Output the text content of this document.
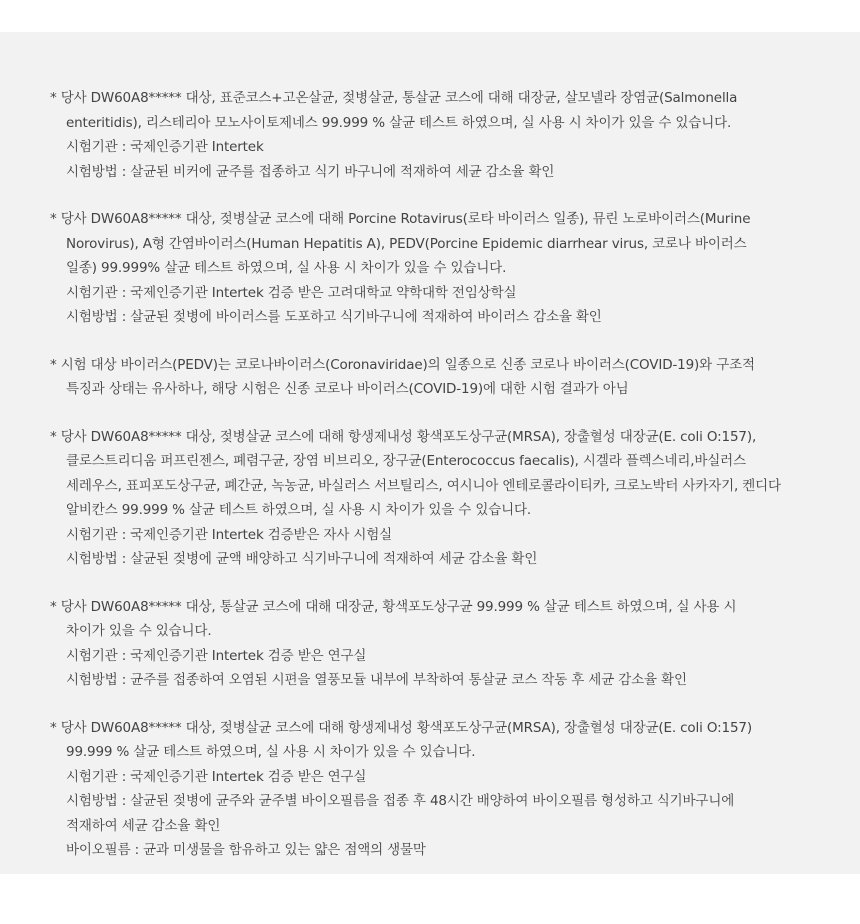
* 당사 DW60A8***** 대상, 표준코스+고온살균, 젖병살균, 통살균 코스에 대해 대장균, 살모넬라 장염균(Salmonella
enteritidis), 리스테리아 모노사이토제네스 99.999 % 살균 테스트 하였으며, 실 사용 시 차이가 있을 수 있습니다.
시험기관 : 국제인증기관 Intertek
시험방법 : 살균된 비커에 균주를 접종하고 식기 바구니에 적재하여 세균 감소율 확인
* 당사 DW60A8***** 대상, 젖병살균 코스에 대해 Porcine Rotavirus(로타 바이러스 일종), 뮤린 노로바이러스(Murine
Norovirus), A형 간염바이러스(Human Hepatitis A), PEDV(Porcine Epidemic diarrhear virus, 코로나 바이러스
일종) 99.999% 살균 테스트 하였으며, 실 사용 시 차이가 있을 수 있습니다.
시험기관 : 국제인증기관 Intertek 검증 받은 고려대학교 약학대학 전임상학실
시험방법 : 살균된 젖병에 바이러스를 도포하고 식기바구니에 적재하여 바이러스 감소율 확인
* 시험 대상 바이러스(PEDV)는 코로나바이러스(Coronaviridae)의 일종으로 신종 코로나 바이러스(COVID-19)와 구조적
특징과 상태는 유사하나, 해당 시험은 신종 코로나 바이러스(COVID-19)에 대한 시험 결과가 아님
* 당사 DW60A8***** 대상, 젖병살균 코스에 대해 항생제내성 황색포도상구균(MRSA), 장출혈성 대장균(E. coli O:157),
클로스트리디움 퍼프린젠스, 폐렴구균, 장염 비브리오, 장구균(Enterococcus faecalis), 시겔라 플렉스네리,바실러스
세레우스, 표피포도상구균, 폐간균, 녹농균, 바실러스 서브틸리스, 여시니아 엔테로콜라이티카, 크로노박터 사카자기, 켄디다
알비칸스 99.999 % 살균 테스트 하였으며, 실 사용 시 차이가 있을 수 있습니다.
시험기관 : 국제인증기관 Intertek 검증받은 자사 시험실
시험방법 : 살균된 젖병에 균액 배양하고 식기바구니에 적재하여 세균 감소율 확인
* 당사 DW60A8***** 대상, 통살균 코스에 대해 대장균, 황색포도상구균 99.999 % 살균 테스트 하였으며, 실 사용 시
차이가 있을 수 있습니다.
시험기관 : 국제인증기관 Intertek 검증 받은 연구실
시험방법 : 균주를 접종하여 오염된 시편을 열풍모듈 내부에 부착하여 통살균 코스 작동 후 세균 감소율 확인
* 당사 DW60A8***** 대상, 젖병살균 코스에 대해 항생제내성 황색포도상구균(MRSA), 장출혈성 대장균(E. coli O:157)
99.999 % 살균 테스트 하였으며, 실 사용 시 차이가 있을 수 있습니다.
시험기관 : 국제인증기관 Intertek 검증 받은 연구실
시험방법 : 살균된 젖병에 균주와 균주별 바이오필름을 접종 후 48시간 배양하여 바이오필름 형성하고 식기바구니에
적재하여 세균 감소율 확인
바이오필름 : 균과 미생물을 함유하고 있는 얇은 점액의 생물막
